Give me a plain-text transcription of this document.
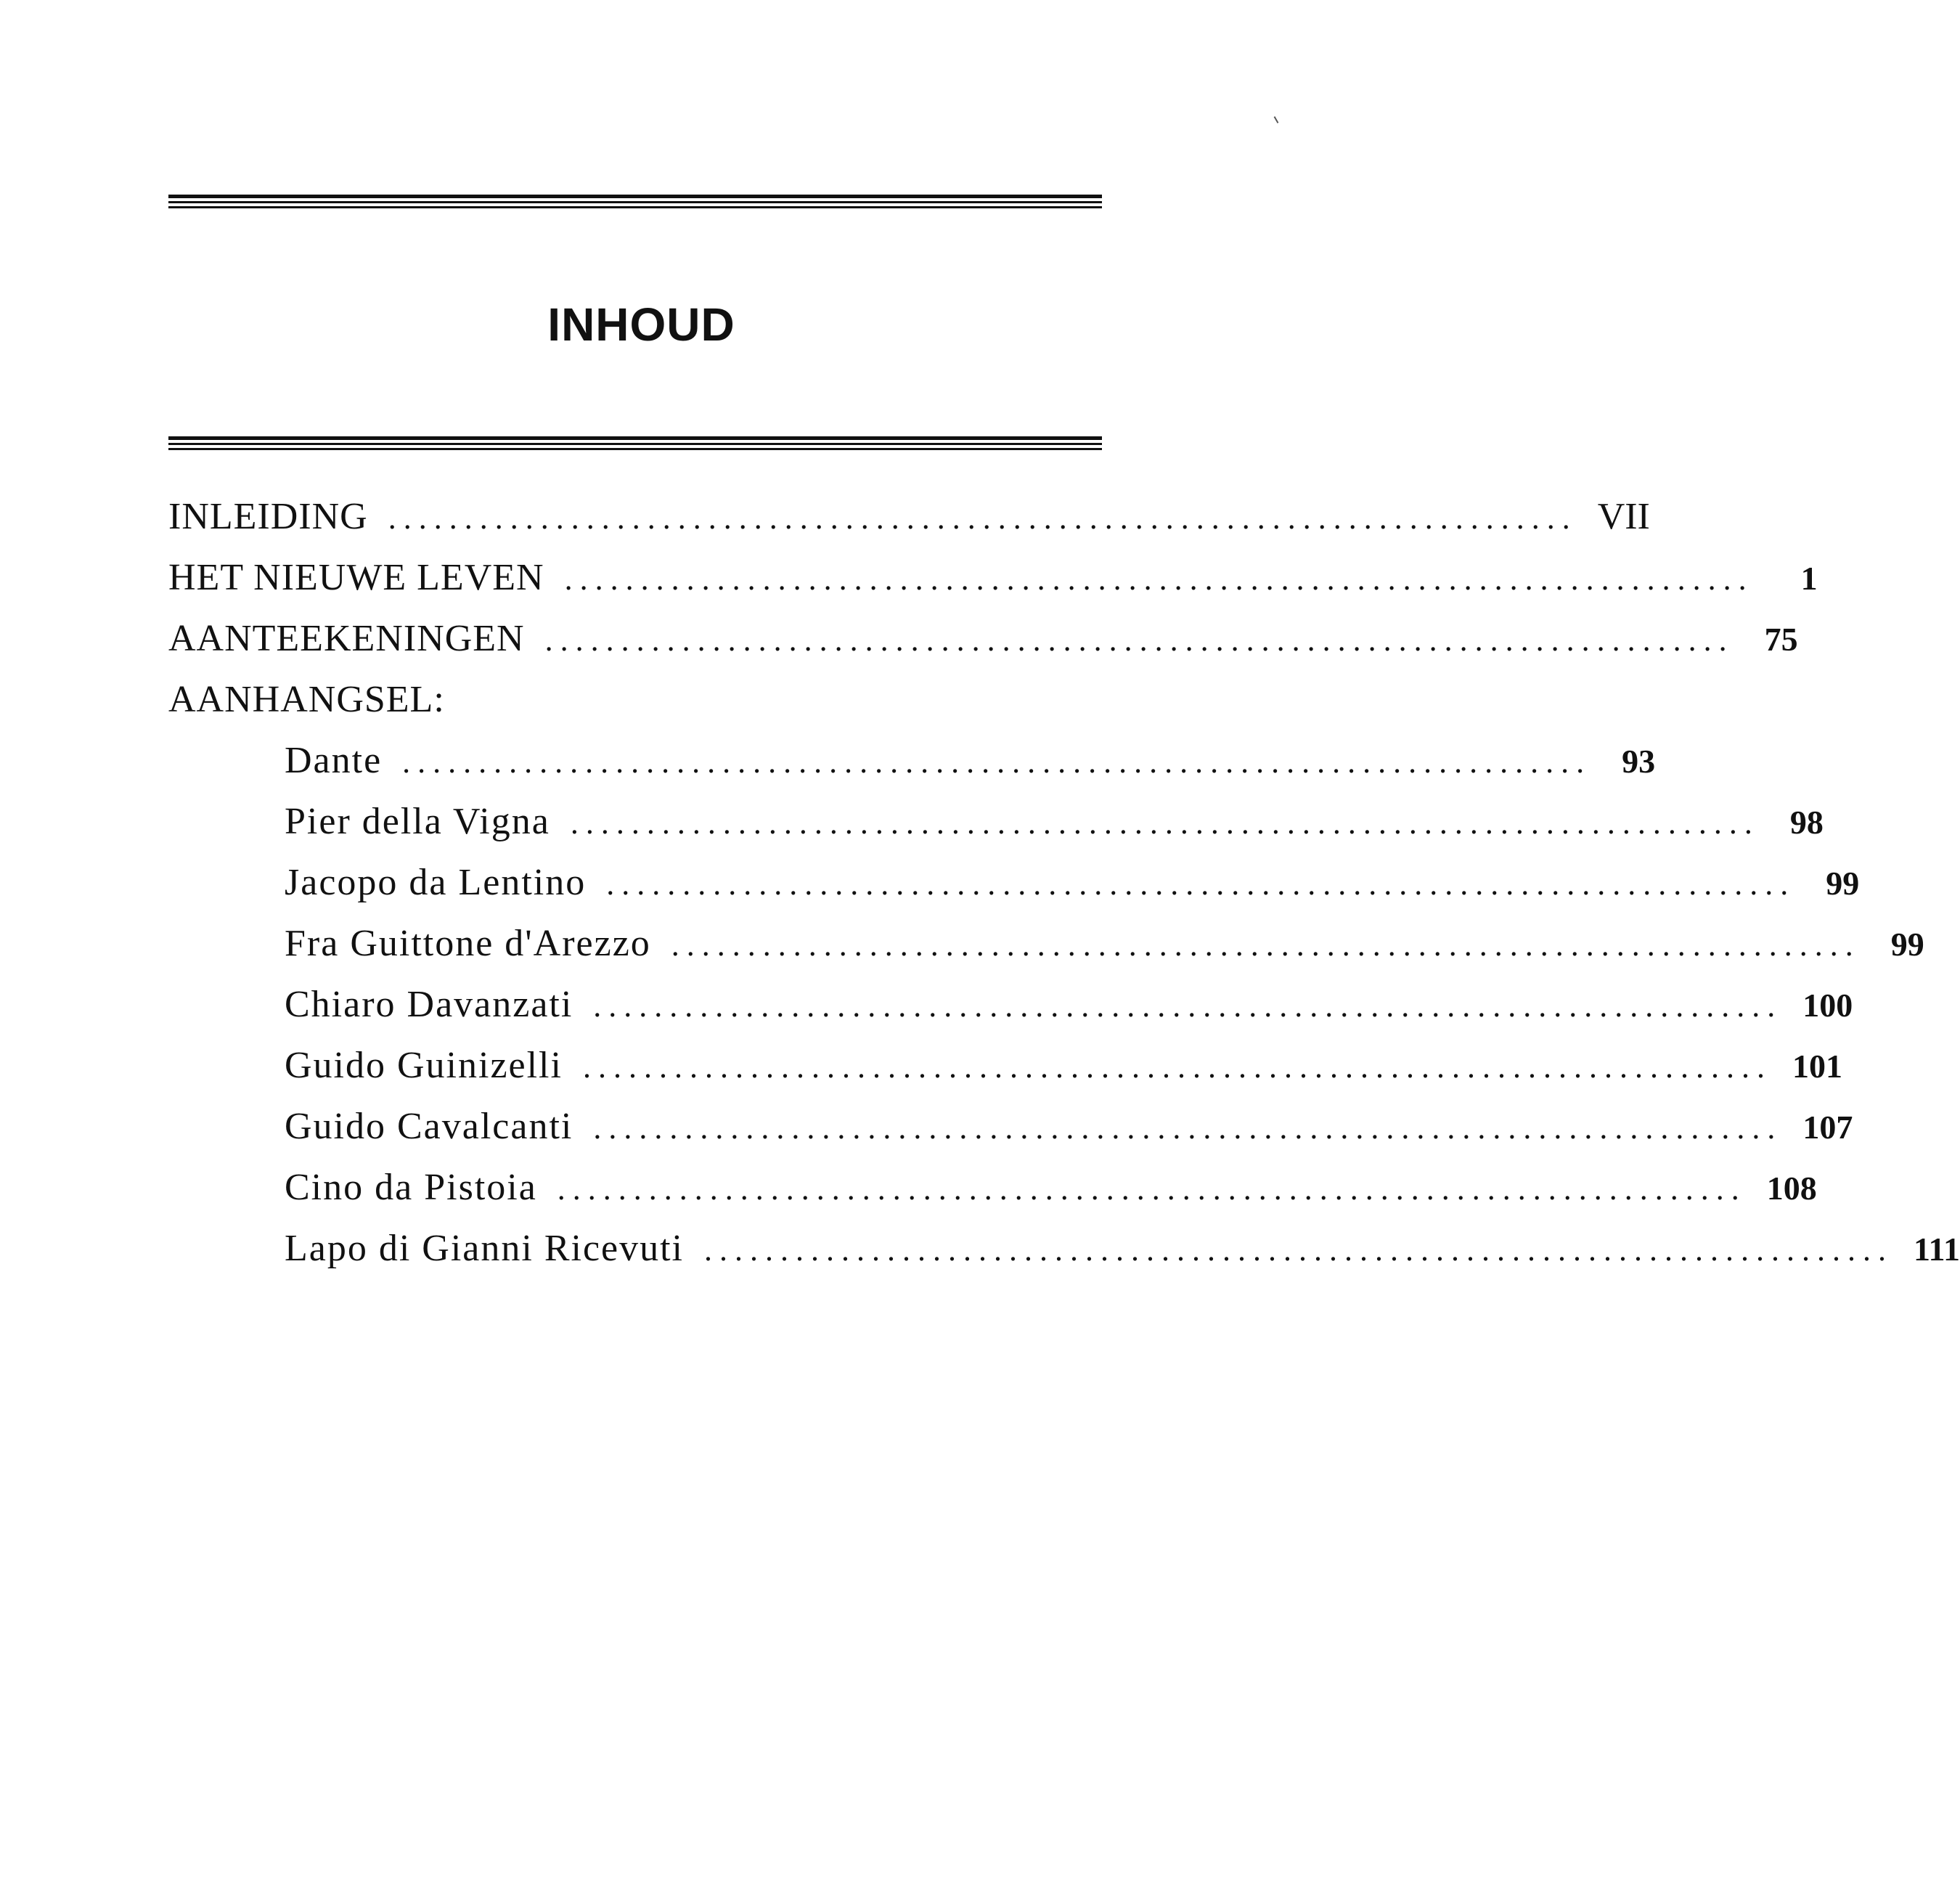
INHOUD
INLEIDING .............................................................................. VII
HET NIEUWE LEVEN ..............................................................................	1
AANTEEKENINGEN .............................................................................. 75
AANHANGSEL:
Dante .............................................................................. 93
Pier della Vigna .............................................................................. 98
Jacopo da Lentino .............................................................................. 99
Fra Guittone d'Arezzo .............................................................................. 99
Chiaro Davanzati .............................................................................. 100
Guido Guinizelli .............................................................................. 101
Guido Cavalcanti .............................................................................. 107
Cino da Pistoia .............................................................................. 108
Lapo di Gianni Ricevuti .............................................................................. 111
